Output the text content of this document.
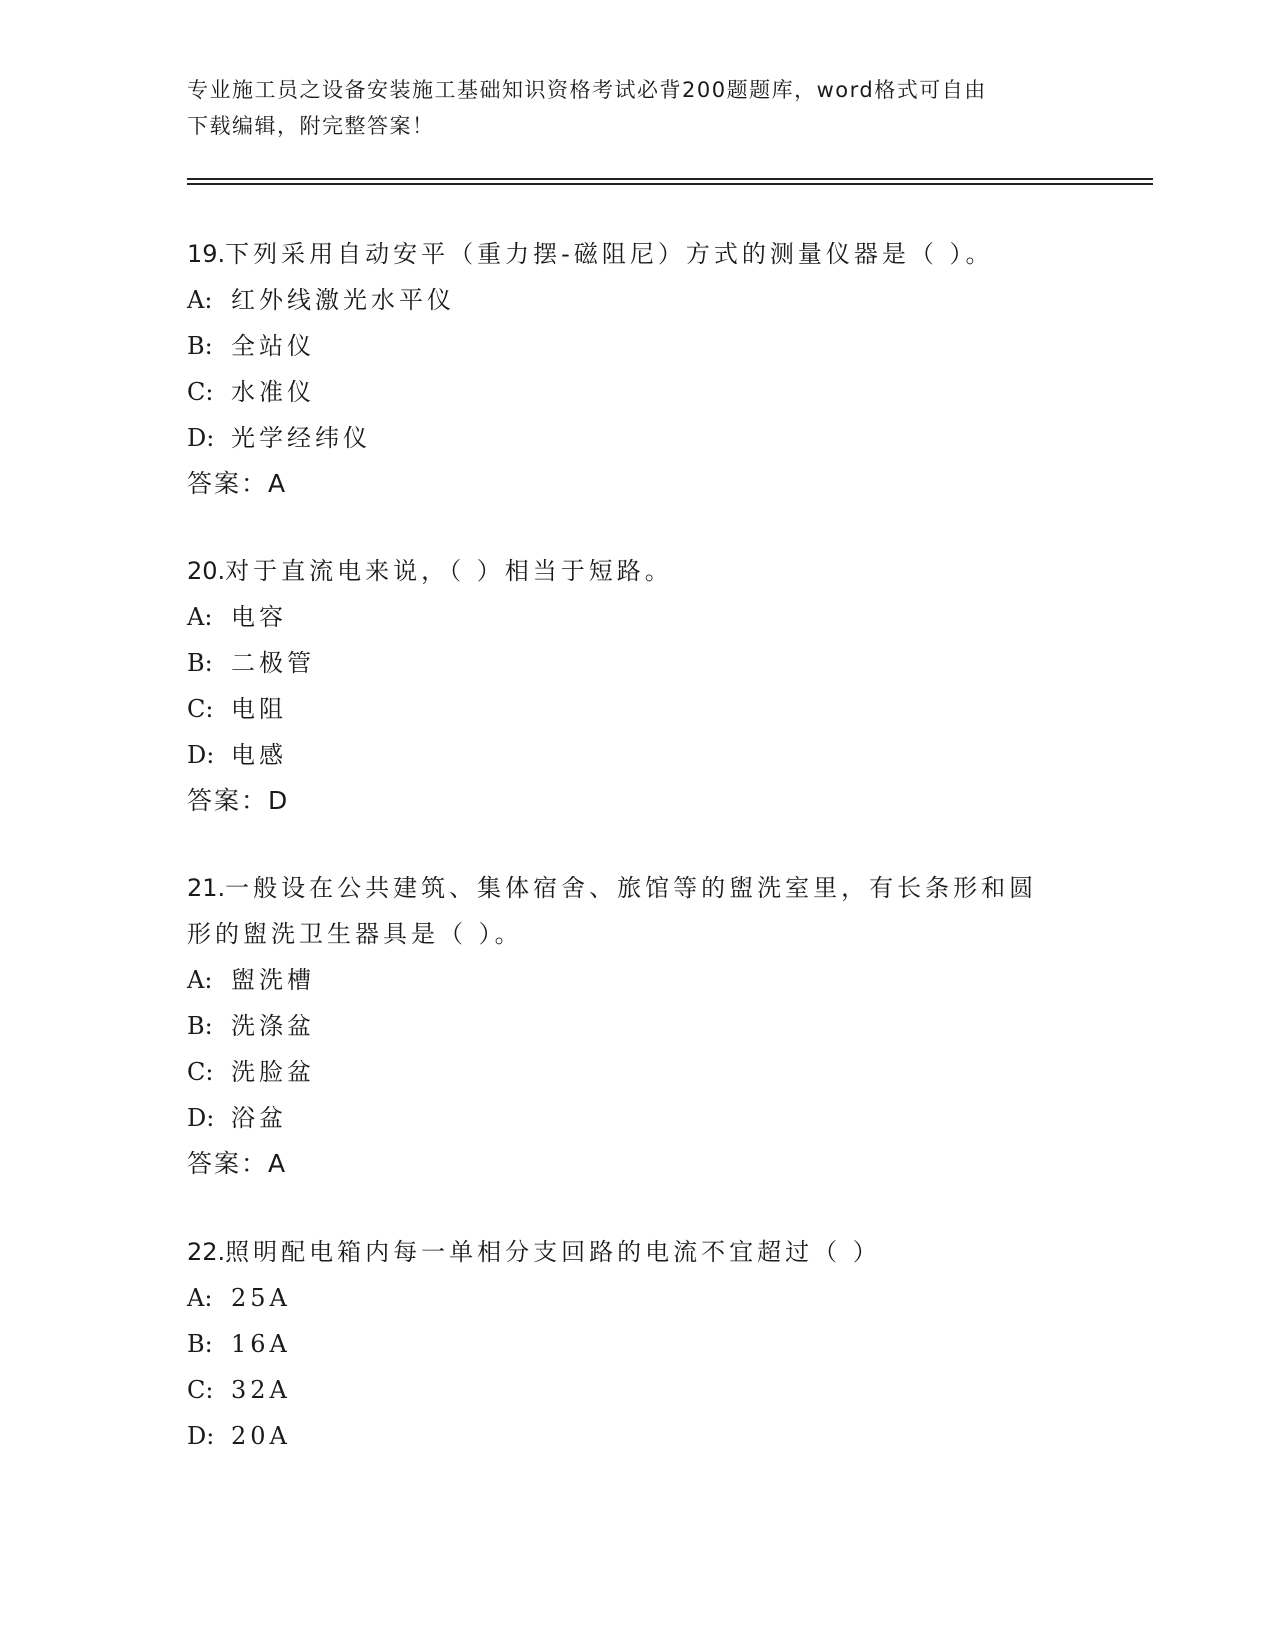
专业施工员之设备安装施工基础知识资格考试必背200题题库，word格式可自由
下载编辑，附完整答案！
19.下列采用自动安平（重力摆-磁阻尼）方式的测量仪器是（ ）。
A: 红外线激光水平仪
B: 全站仪
C: 水准仪
D: 光学经纬仪
答案：A
20.对于直流电来说，（ ）相当于短路。
A: 电容
B: 二极管
C: 电阻
D: 电感
答案：D
21.一般设在公共建筑、集体宿舍、旅馆等的盥洗室里，有长条形和圆
形的盥洗卫生器具是（ ）。
A: 盥洗槽
B: 洗涤盆
C: 洗脸盆
D: 浴盆
答案：A
22.照明配电箱内每一单相分支回路的电流不宜超过（ ）
A: 25A
B: 16A
C: 32A
D: 20A
